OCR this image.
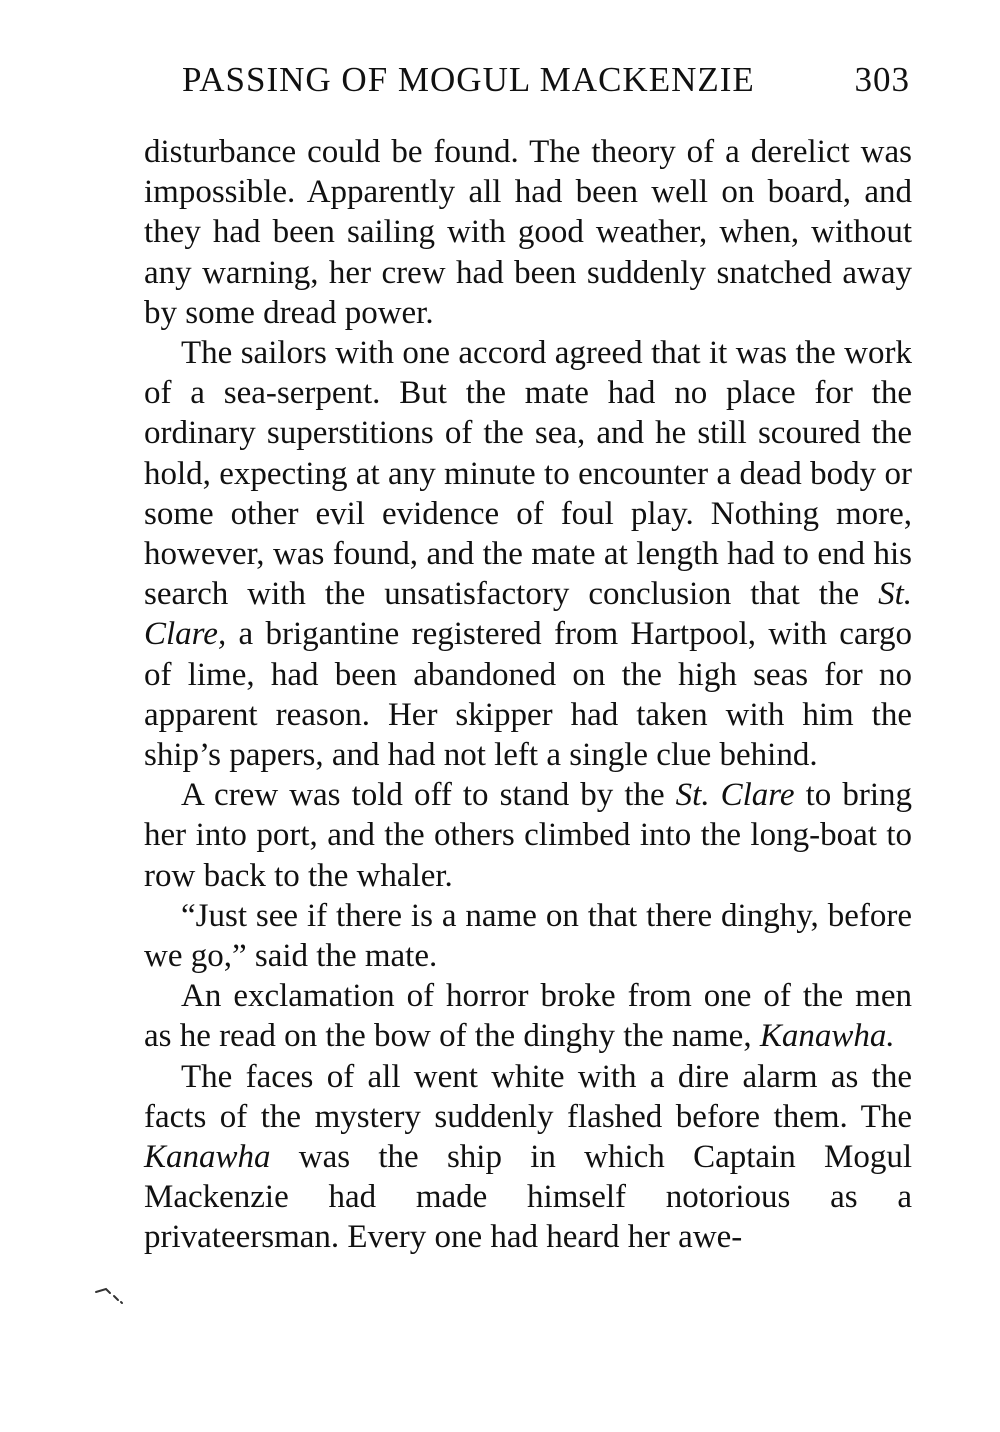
PASSING OF MOGUL MACKENZIE	303

disturbance could be found. The theory of a derelict was impossible. Apparently all had been well on board, and they had been sailing with good weather, when, without any warning, her crew had been suddenly snatched away by some dread power.

The sailors with one accord agreed that it was the work of a sea-serpent. But the mate had no place for the ordinary superstitions of the sea, and he still scoured the hold, expecting at any minute to encounter a dead body or some other evil evidence of foul play. Nothing more, however, was found, and the mate at length had to end his search with the unsatisfactory conclusion that the St. Clare, a brigantine registered from Hartpool, with cargo of lime, had been abandoned on the high seas for no apparent reason. Her skipper had taken with him the ship’s papers, and had not left a single clue behind.

A crew was told off to stand by the St. Clare to bring her into port, and the others climbed into the long-boat to row back to the whaler.

“Just see if there is a name on that there dinghy, before we go,” said the mate.

An exclamation of horror broke from one of the men as he read on the bow of the dinghy the name, Kanawha.

The faces of all went white with a dire alarm as the facts of the mystery suddenly flashed before them. The Kanawha was the ship in which Captain Mogul Mackenzie had made himself notorious as a privateersman. Every one had heard her awe-
